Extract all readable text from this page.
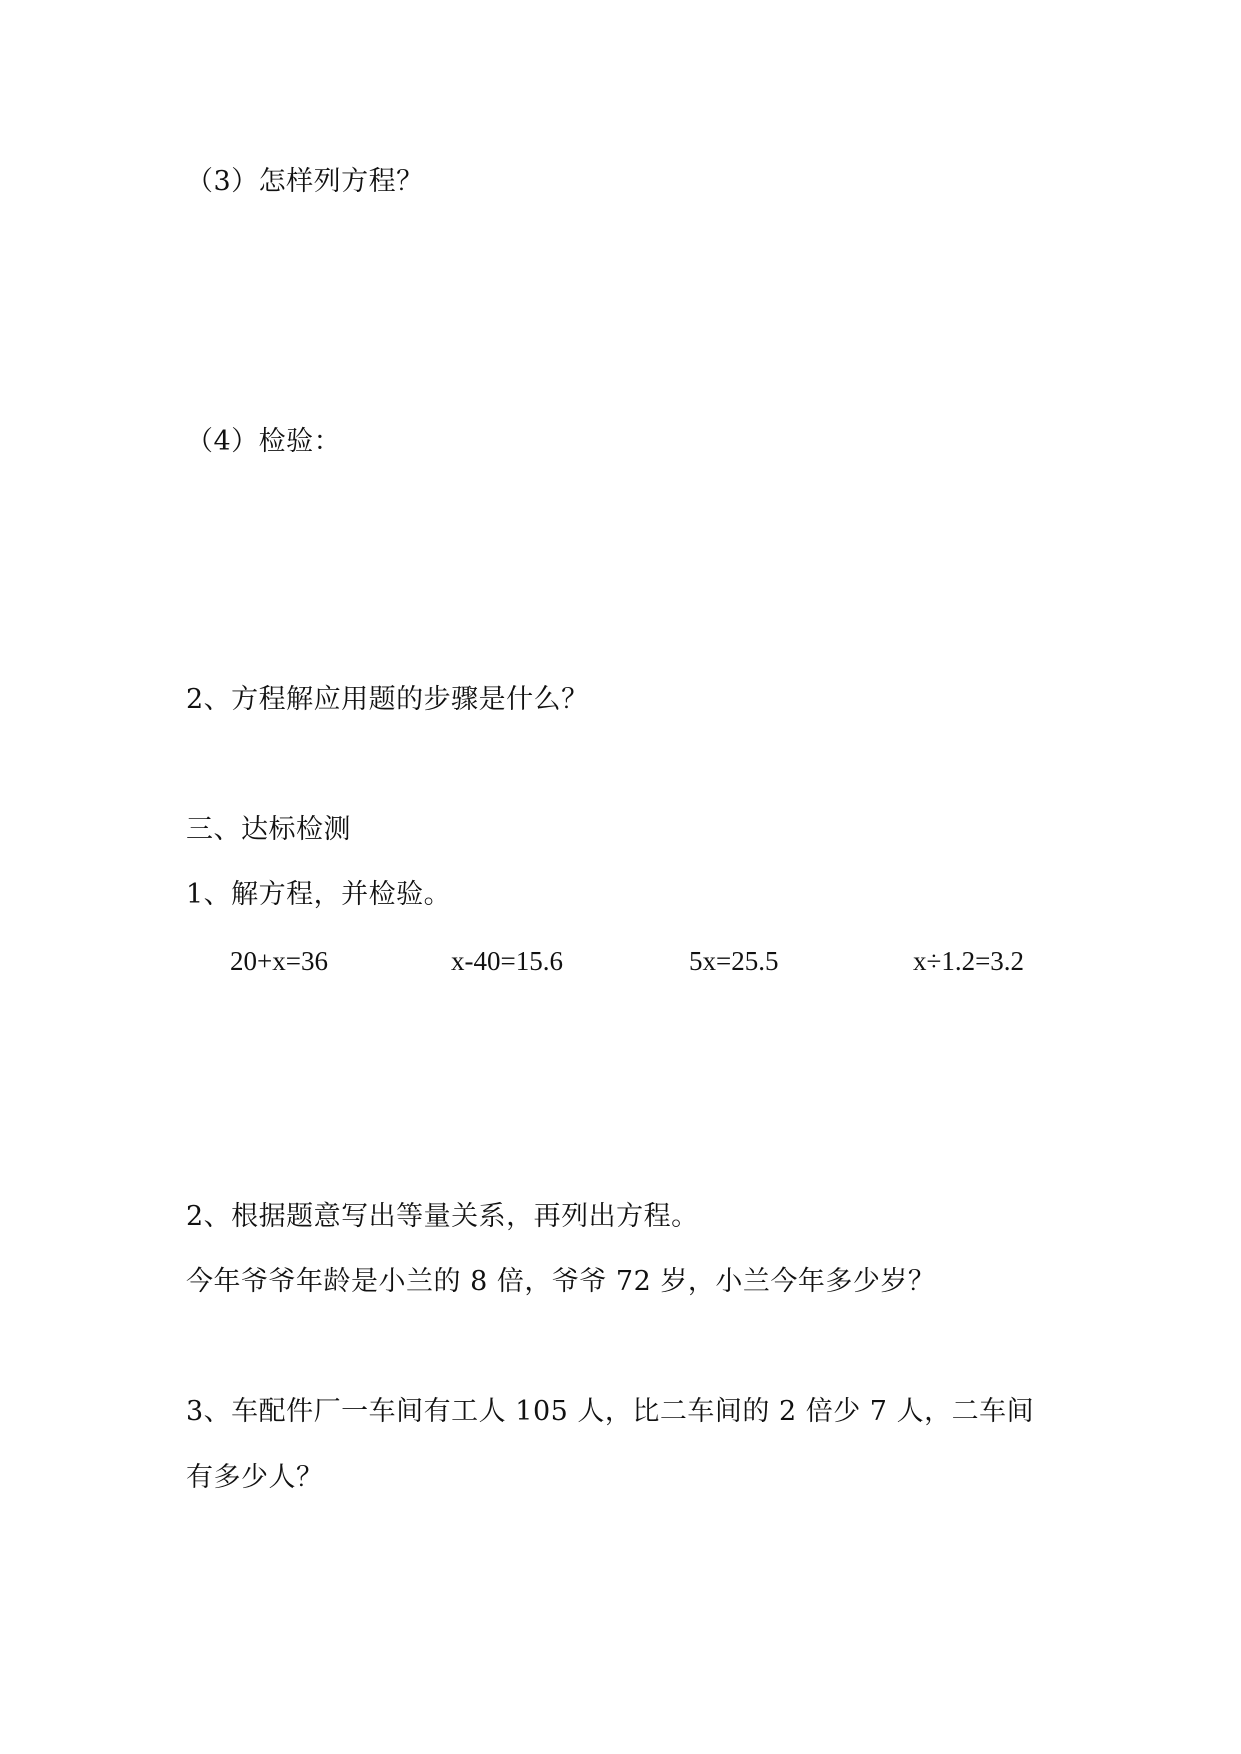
（3）怎样列方程？
（4）检验：
2、方程解应用题的步骤是什么？
三、达标检测
1、解方程，并检验。
20+x=36	x-40=15.6	5x=25.5	x÷1.2=3.2
2、根据题意写出等量关系，再列出方程。
今年爷爷年龄是小兰的 8 倍，爷爷 72 岁，小兰今年多少岁？
3、车配件厂一车间有工人 105 人，比二车间的 2 倍少 7 人，二车间
有多少人？
